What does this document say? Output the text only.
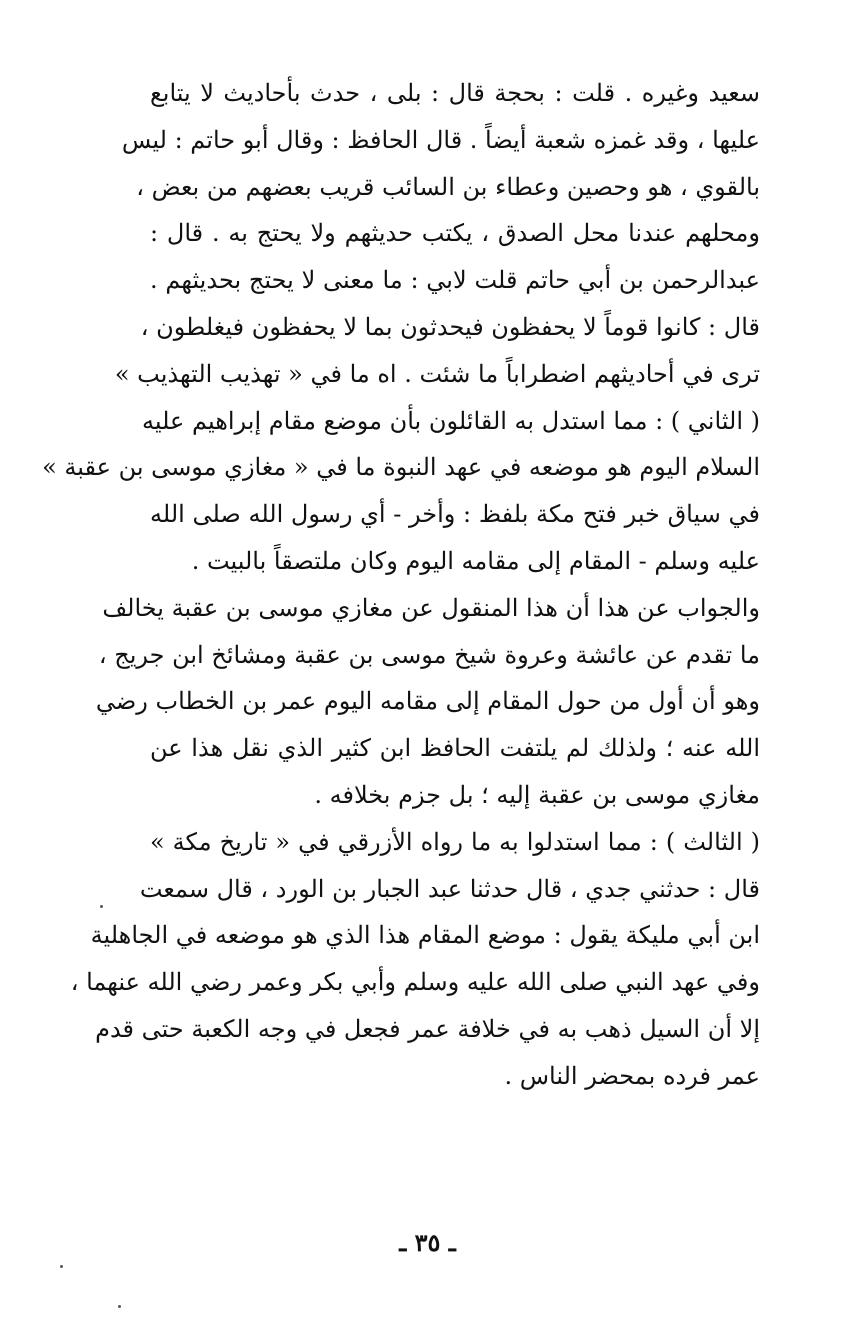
سعيد وغيره . قلت : بحجة قال : بلى ، حدث بأحاديث لا يتابع
عليها ، وقد غمزه شعبة أيضاً . قال الحافظ : وقال أبو حاتم : ليس
بالقوي ، هو وحصين وعطاء بن السائب قريب بعضهم من بعض ،
ومحلهم عندنا محل الصدق ، يكتب حديثهم ولا يحتج به . قال :
عبدالرحمن بن أبي حاتم قلت لابي : ما معنى لا يحتج بحديثهم .
قال : كانوا قوماً لا يحفظون فيحدثون بما لا يحفظون فيغلطون ،
ترى في أحاديثهم اضطراباً ما شئت . اه ما في « تهذيب التهذيب »
( الثاني ) : مما استدل به القائلون بأن موضع مقام إبراهيم عليه
السلام اليوم هو موضعه في عهد النبوة ما في « مغازي موسى بن عقبة »
في سياق خبر فتح مكة بلفظ : وأخر - أي رسول الله صلى الله
عليه وسلم - المقام إلى مقامه اليوم وكان ملتصقاً بالبيت .
والجواب عن هذا أن هذا المنقول عن مغازي موسى بن عقبة يخالف
ما تقدم عن عائشة وعروة شيخ موسى بن عقبة ومشائخ ابن جريج ،
وهو أن أول من حول المقام إلى مقامه اليوم عمر بن الخطاب رضي
الله عنه ؛ ولذلك لم يلتفت الحافظ ابن كثير الذي نقل هذا عن
مغازي موسى بن عقبة إليه ؛ بل جزم بخلافه .
( الثالث ) : مما استدلوا به ما رواه الأزرقي في « تاريخ مكة »
قال : حدثني جدي ، قال حدثنا عبد الجبار بن الورد ، قال سمعت
ابن أبي مليكة يقول : موضع المقام هذا الذي هو موضعه في الجاهلية
وفي عهد النبي صلى الله عليه وسلم وأبي بكر وعمر رضي الله عنهما ،
إلا أن السيل ذهب به في خلافة عمر فجعل في وجه الكعبة حتى قدم
عمر فرده بمحضر الناس .
ـ ٣٥ ـ
